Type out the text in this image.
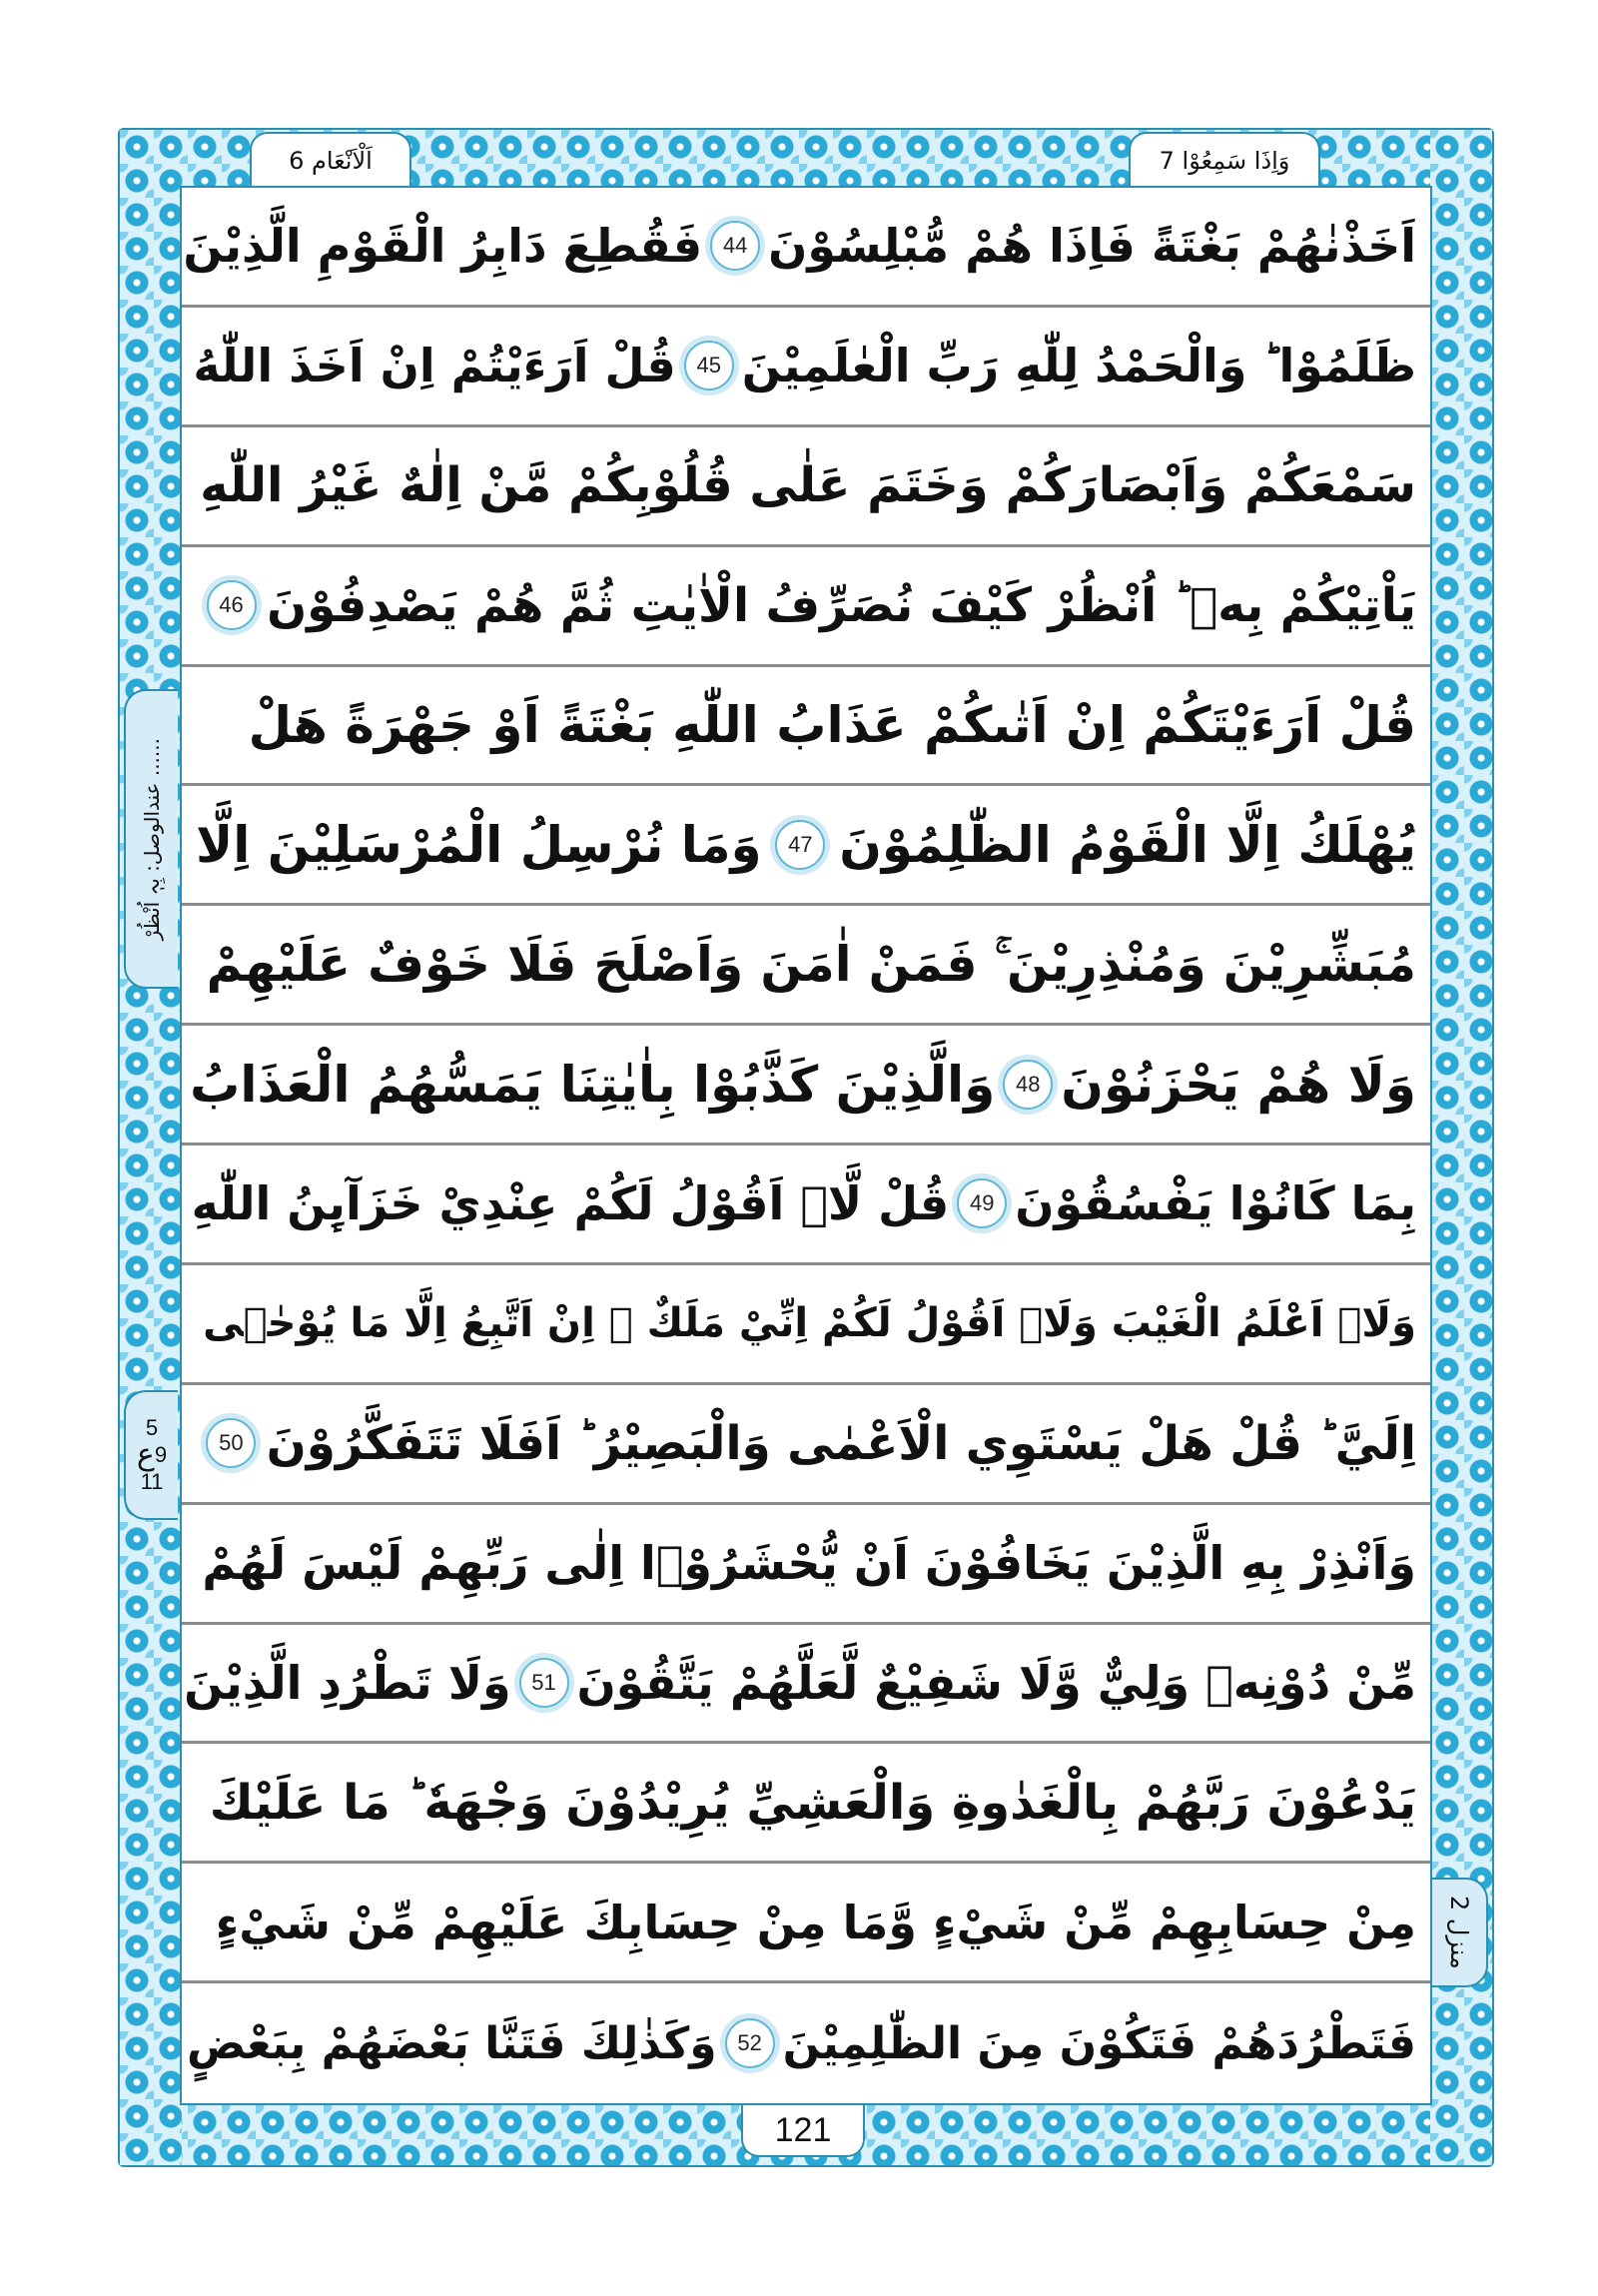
اَلْاَنْعَام 6	وَاِذَا سَمِعُوْا 7
اَخَذْنٰهُمْ بَغْتَةً فَاِذَا هُمْ مُّبْلِسُوْنَ
44
فَقُطِعَ دَابِرُ الْقَوْمِ الَّذِيْنَ
ظَلَمُوْا ؕ وَالْحَمْدُ لِلّٰهِ رَبِّ الْعٰلَمِيْنَ
45
قُلْ اَرَءَيْتُمْ اِنْ اَخَذَ اللّٰهُ
سَمْعَكُمْ وَاَبْصَارَكُمْ وَخَتَمَ عَلٰى قُلُوْبِكُمْ مَّنْ اِلٰهٌ غَيْرُ اللّٰهِ
يَاْتِيْكُمْ بِهٖ ؕ اُنْظُرْ كَيْفَ نُصَرِّفُ الْاٰيٰتِ ثُمَّ هُمْ يَصْدِفُوْنَ
46
قُلْ اَرَءَيْتَكُمْ اِنْ اَتٰىكُمْ عَذَابُ اللّٰهِ بَغْتَةً اَوْ جَهْرَةً هَلْ
يُهْلَكُ اِلَّا الْقَوْمُ الظّٰلِمُوْنَ
47
وَمَا نُرْسِلُ الْمُرْسَلِيْنَ اِلَّا
مُبَشِّرِيْنَ وَمُنْذِرِيْنَ ۚ فَمَنْ اٰمَنَ وَاَصْلَحَ فَلَا خَوْفٌ عَلَيْهِمْ
وَلَا هُمْ يَحْزَنُوْنَ
48
وَالَّذِيْنَ كَذَّبُوْا بِاٰيٰتِنَا يَمَسُّهُمُ الْعَذَابُ
بِمَا كَانُوْا يَفْسُقُوْنَ
49
قُلْ لَّاۤ اَقُوْلُ لَكُمْ عِنْدِيْ خَزَآىِٕنُ اللّٰهِ
وَلَاۤ اَعْلَمُ الْغَيْبَ وَلَاۤ اَقُوْلُ لَكُمْ اِنِّيْ مَلَكٌ ۚ اِنْ اَتَّبِعُ اِلَّا مَا يُوْحٰۤى
اِلَيَّ ؕ قُلْ هَلْ يَسْتَوِي الْاَعْمٰى وَالْبَصِيْرُ ؕ اَفَلَا تَتَفَكَّرُوْنَ
50
وَاَنْذِرْ بِهِ الَّذِيْنَ يَخَافُوْنَ اَنْ يُّحْشَرُوْۤا اِلٰى رَبِّهِمْ لَيْسَ لَهُمْ
مِّنْ دُوْنِهٖ وَلِيٌّ وَّلَا شَفِيْعٌ لَّعَلَّهُمْ يَتَّقُوْنَ
51
وَلَا تَطْرُدِ الَّذِيْنَ
يَدْعُوْنَ رَبَّهُمْ بِالْغَدٰوةِ وَالْعَشِيِّ يُرِيْدُوْنَ وَجْهَهٗ ؕ مَا عَلَيْكَ
مِنْ حِسَابِهِمْ مِّنْ شَيْءٍ وَّمَا مِنْ حِسَابِكَ عَلَيْهِمْ مِّنْ شَيْءٍ
فَتَطْرُدَهُمْ فَتَكُوْنَ مِنَ الظّٰلِمِيْنَ
52
وَكَذٰلِكَ فَتَنَّا بَعْضَهُمْ بِبَعْضٍ
عندالوصل: بِہٖ اُنْظُرْ ......
5
ع 9
11
منزل 2
121
